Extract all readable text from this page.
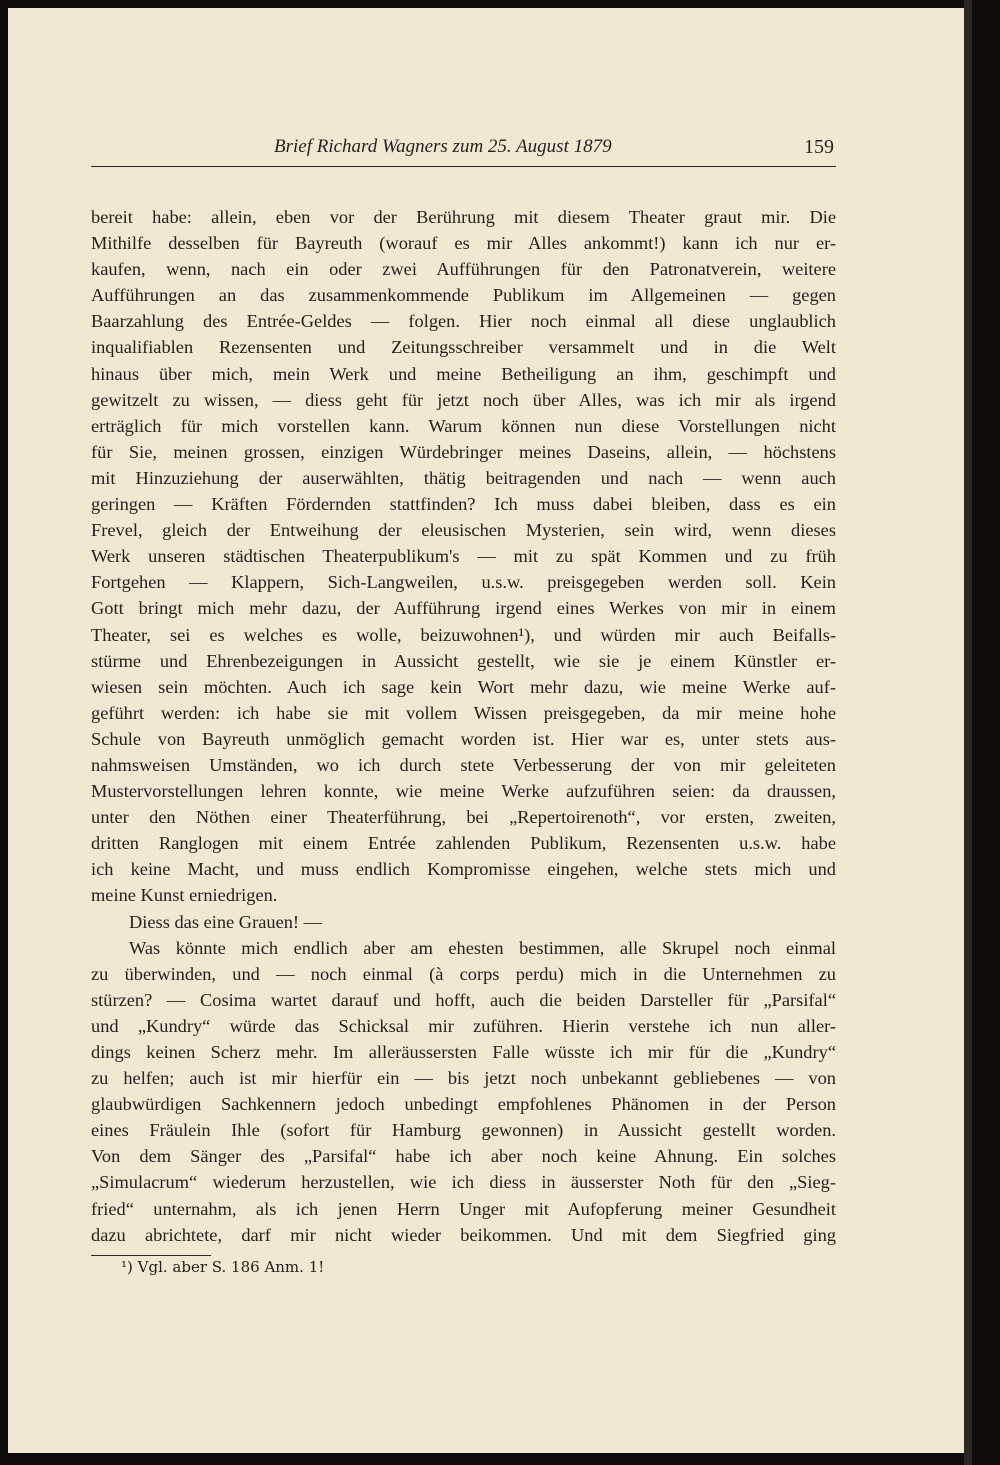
Brief Richard Wagners zum 25. August 1879	159
bereit habe: allein, eben vor der Berührung mit diesem Theater graut mir. Die
Mithilfe desselben für Bayreuth (worauf es mir Alles ankommt!) kann ich nur er-
kaufen, wenn, nach ein oder zwei Aufführungen für den Patronatverein, weitere
Aufführungen an das zusammenkommende Publikum im Allgemeinen — gegen
Baarzahlung des Entrée-Geldes — folgen. Hier noch einmal all diese unglaublich
inqualifiablen Rezensenten und Zeitungsschreiber versammelt und in die Welt
hinaus über mich, mein Werk und meine Betheiligung an ihm, geschimpft und
gewitzelt zu wissen, — diess geht für jetzt noch über Alles, was ich mir als irgend
erträglich für mich vorstellen kann. Warum können nun diese Vorstellungen nicht
für Sie, meinen grossen, einzigen Würdebringer meines Daseins, allein, — höchstens
mit Hinzuziehung der auserwählten, thätig beitragenden und nach — wenn auch
geringen — Kräften Fördernden stattfinden? Ich muss dabei bleiben, dass es ein
Frevel, gleich der Entweihung der eleusischen Mysterien, sein wird, wenn dieses
Werk unseren städtischen Theaterpublikum's — mit zu spät Kommen und zu früh
Fortgehen — Klappern, Sich-Langweilen, u.s.w. preisgegeben werden soll. Kein
Gott bringt mich mehr dazu, der Aufführung irgend eines Werkes von mir in einem
Theater, sei es welches es wolle, beizuwohnen¹), und würden mir auch Beifalls-
stürme und Ehrenbezeigungen in Aussicht gestellt, wie sie je einem Künstler er-
wiesen sein möchten. Auch ich sage kein Wort mehr dazu, wie meine Werke auf-
geführt werden: ich habe sie mit vollem Wissen preisgegeben, da mir meine hohe
Schule von Bayreuth unmöglich gemacht worden ist. Hier war es, unter stets aus-
nahmsweisen Umständen, wo ich durch stete Verbesserung der von mir geleiteten
Mustervorstellungen lehren konnte, wie meine Werke aufzuführen seien: da draussen,
unter den Nöthen einer Theaterführung, bei „Repertoirenoth“, vor ersten, zweiten,
dritten Ranglogen mit einem Entrée zahlenden Publikum, Rezensenten u.s.w. habe
ich keine Macht, und muss endlich Kompromisse eingehen, welche stets mich und
meine Kunst erniedrigen.
Diess das eine Grauen! —
Was könnte mich endlich aber am ehesten bestimmen, alle Skrupel noch einmal
zu überwinden, und — noch einmal (à corps perdu) mich in die Unternehmen zu
stürzen? — Cosima wartet darauf und hofft, auch die beiden Darsteller für „Parsifal“
und „Kundry“ würde das Schicksal mir zuführen. Hierin verstehe ich nun aller-
dings keinen Scherz mehr. Im alleräussersten Falle wüsste ich mir für die „Kundry“
zu helfen; auch ist mir hierfür ein — bis jetzt noch unbekannt gebliebenes — von
glaubwürdigen Sachkennern jedoch unbedingt empfohlenes Phänomen in der Person
eines Fräulein Ihle (sofort für Hamburg gewonnen) in Aussicht gestellt worden.
Von dem Sänger des „Parsifal“ habe ich aber noch keine Ahnung. Ein solches
„Simulacrum“ wiederum herzustellen, wie ich diess in äusserster Noth für den „Sieg-
fried“ unternahm, als ich jenen Herrn Unger mit Aufopferung meiner Gesundheit
dazu abrichtete, darf mir nicht wieder beikommen. Und mit dem Siegfried ging
¹) Vgl. aber S. 186 Anm. 1!
